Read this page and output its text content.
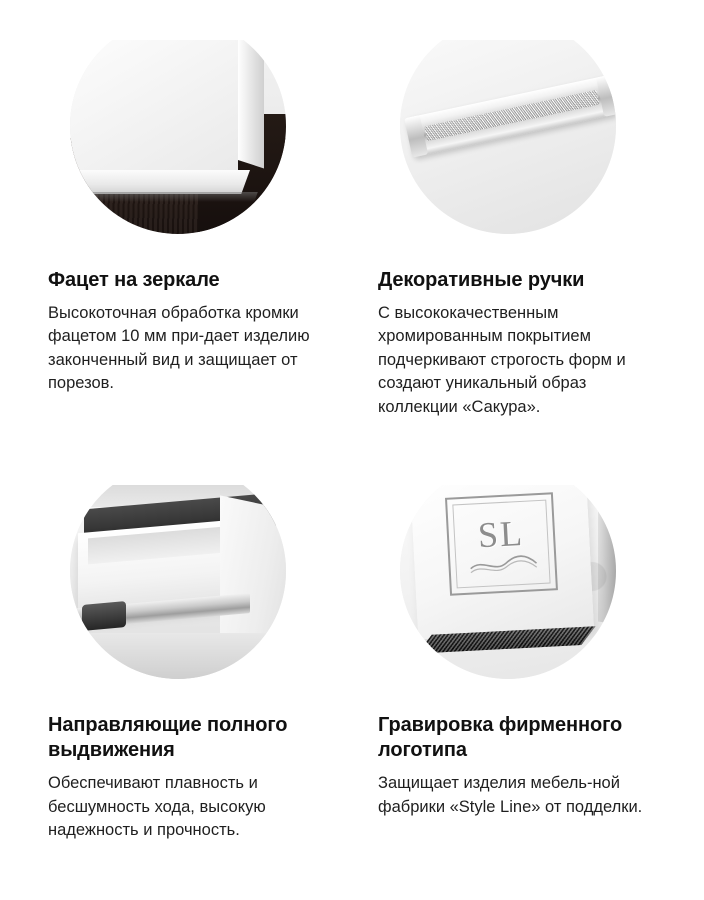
Фацет на зеркале
Высокоточная обработка кромки фацетом 10 мм при-дает изделию законченный вид и защищает от порезов.
Декоративные ручки
С высококачественным хромированным покрытием подчеркивают строгость форм и создают уникальный образ коллекции «Сакура».
Направляющие полного выдвижения
Обеспечивают плавность и бесшумность хода, высокую надежность и прочность.
SL
Гравировка фирменного логотипа
Защищает изделия мебель-ной фабрики «Style Line» от подделки.
